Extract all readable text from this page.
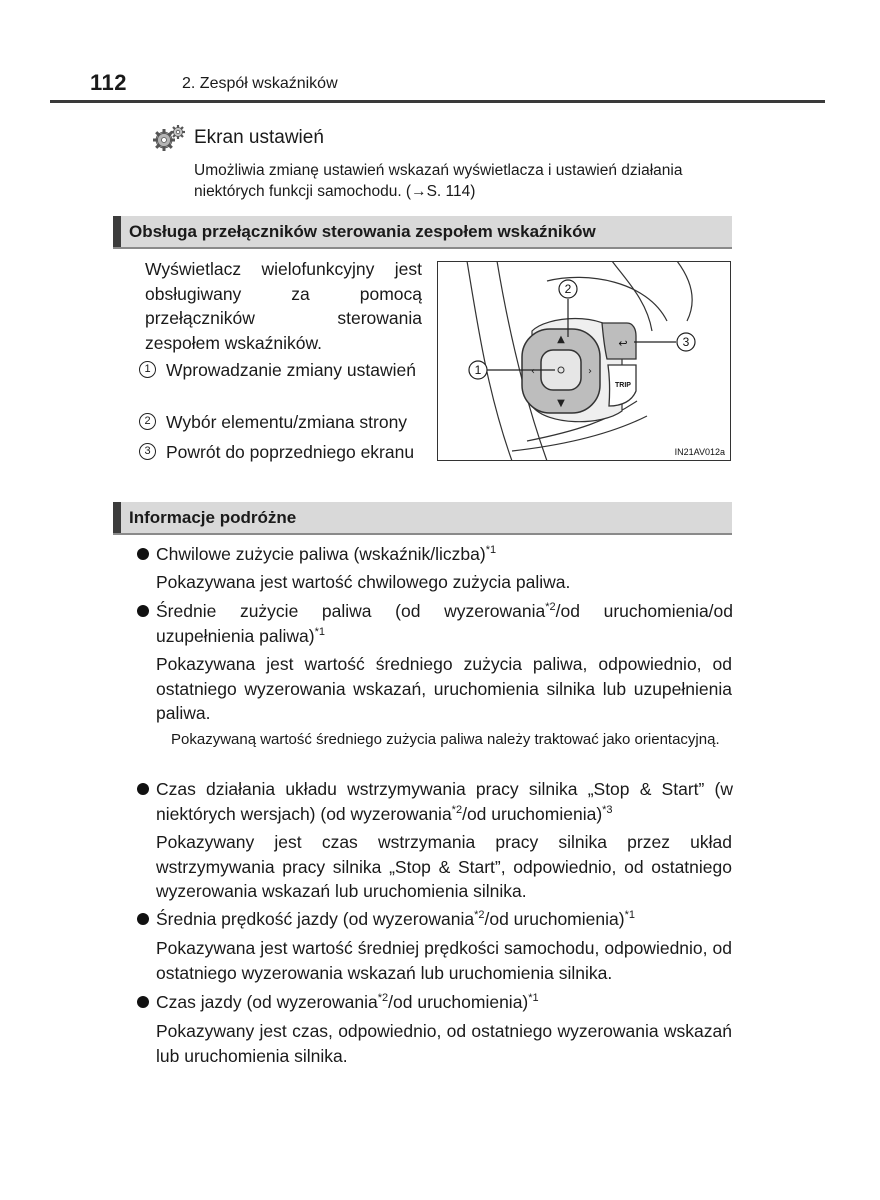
112	2. Zespół wskaźników
Ekran ustawień
Umożliwia zmianę ustawień wskazań wyświetlacza i ustawień działania niektórych funkcji samochodu. (→S. 114)
Obsługa przełączników sterowania zespołem wskaźników
Wyświetlacz wielofunkcyjny jest obsługiwany za pomocą przełączników sterowania zespołem wskaźników.
1 Wprowadzanie zmiany ustawień
2 Wybór elementu/zmiana strony
3 Powrót do poprzedniego ekranu
▲
▼
‹	›
↩
TRIP
1
2
3
IN21AV012a
Informacje podróżne
Chwilowe zużycie paliwa (wskaźnik/liczba)$^{*1}$
Pokazywana jest wartość chwilowego zużycia paliwa.
Średnie zużycie paliwa (od wyzerowania$^{*2}$/od uruchomienia/od uzupełnienia paliwa)$^{*1}$
Pokazywana jest wartość średniego zużycia paliwa, odpowiednio, od ostatniego wyzerowania wskazań, uruchomienia silnika lub uzupełnienia paliwa.
Pokazywaną wartość średniego zużycia paliwa należy traktować jako orientacyjną.
Czas działania układu wstrzymywania pracy silnika „Stop & Start” (w niektórych wersjach) (od wyzerowania$^{*2}$/od uruchomienia)$^{*3}$
Pokazywany jest czas wstrzymania pracy silnika przez układ wstrzymywania pracy silnika „Stop & Start”, odpowiednio, od ostatniego wyzerowania wskazań lub uruchomienia silnika.
Średnia prędkość jazdy (od wyzerowania$^{*2}$/od uruchomienia)$^{*1}$
Pokazywana jest wartość średniej prędkości samochodu, odpowiednio, od ostatniego wyzerowania wskazań lub uruchomienia silnika.
Czas jazdy (od wyzerowania$^{*2}$/od uruchomienia)$^{*1}$
Pokazywany jest czas, odpowiednio, od ostatniego wyzerowania wskazań lub uruchomienia silnika.
